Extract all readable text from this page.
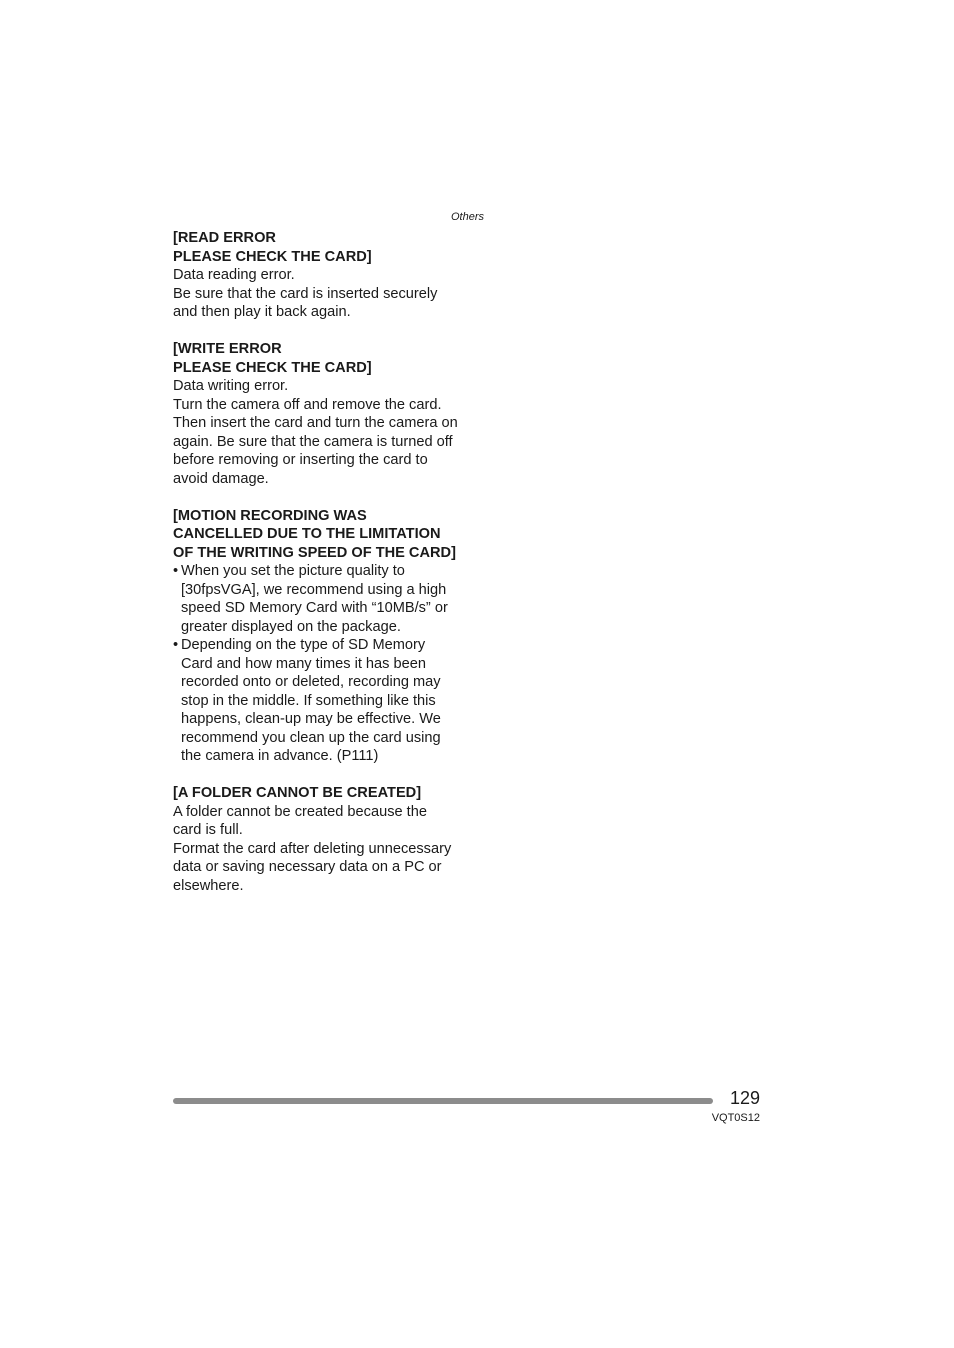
Others
[READ ERROR
PLEASE CHECK THE CARD]

Data reading error.

Be sure that the card is inserted securely and then play it back again.

[WRITE ERROR
PLEASE CHECK THE CARD]

Data writing error.

Turn the camera off and remove the card. Then insert the card and turn the camera on again. Be sure that the camera is turned off before removing or inserting the card to avoid damage.

[MOTION RECORDING WAS CANCELLED DUE TO THE LIMITATION OF THE WRITING SPEED OF THE CARD]
• When you set the picture quality to [30fpsVGA], we recommend using a high speed SD Memory Card with “10MB/s” or greater displayed on the package.
• Depending on the type of SD Memory Card and how many times it has been recorded onto or deleted, recording may stop in the middle. If something like this happens, clean-up may be effective. We recommend you clean up the card using the camera in advance. (P111)
[A FOLDER CANNOT BE CREATED]

A folder cannot be created because the card is full.

Format the card after deleting unnecessary data or saving necessary data on a PC or elsewhere.

129
VQT0S12
